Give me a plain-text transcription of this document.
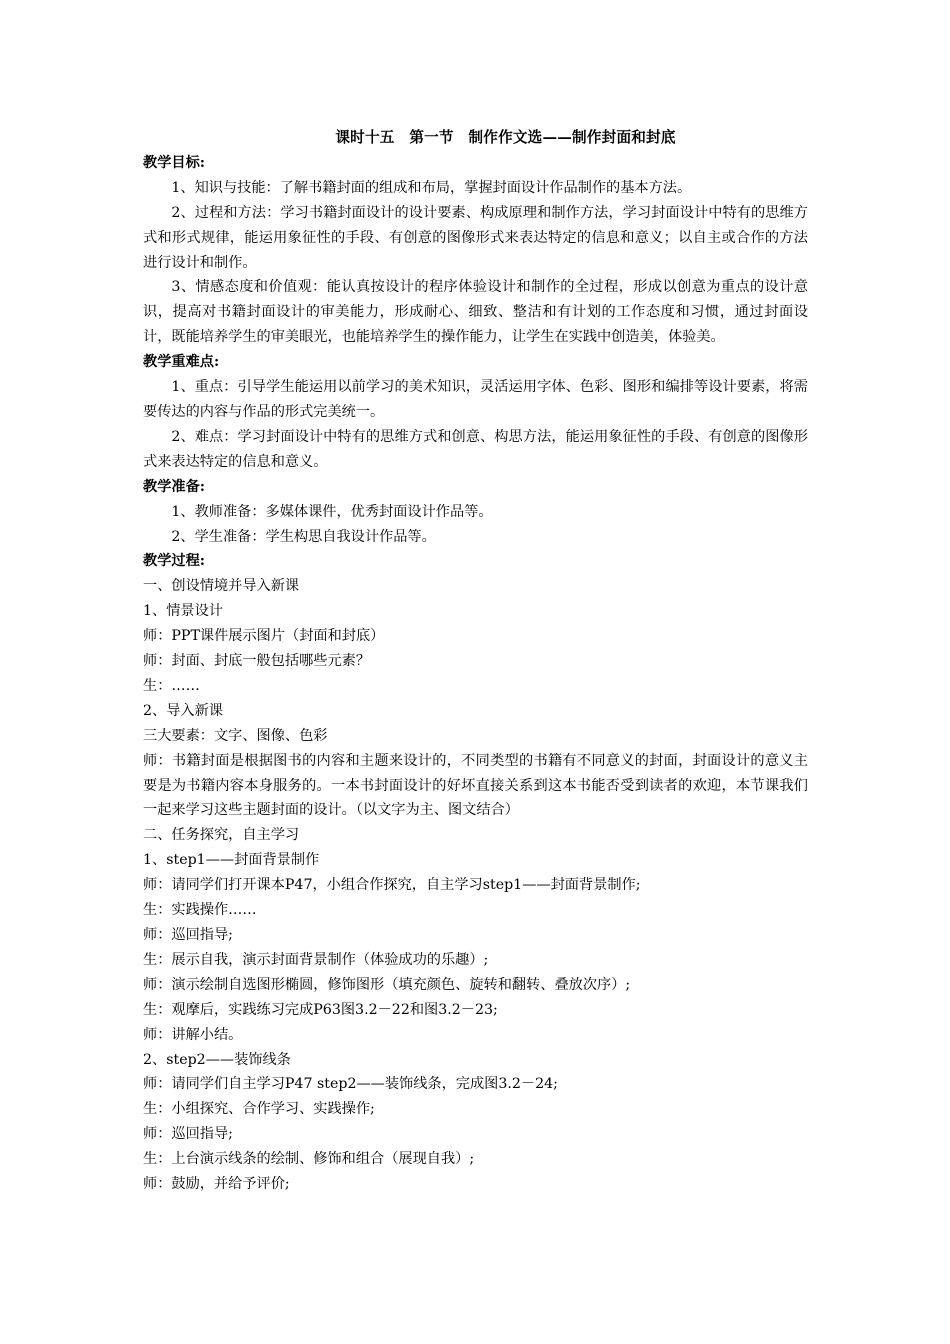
课时十五　第一节　制作作文选——制作封面和封底
教学目标:
1、知识与技能：了解书籍封面的组成和布局，掌握封面设计作品制作的基本方法。
2、过程和方法：学习书籍封面设计的设计要素、构成原理和制作方法，学习封面设计中特有的思维方式和形式规律，能运用象征性的手段、有创意的图像形式来表达特定的信息和意义；以自主或合作的方法进行设计和制作。
3、情感态度和价值观：能认真按设计的程序体验设计和制作的全过程，形成以创意为重点的设计意识，提高对书籍封面设计的审美能力，形成耐心、细致、整洁和有计划的工作态度和习惯，通过封面设计，既能培养学生的审美眼光，也能培养学生的操作能力，让学生在实践中创造美，体验美。
教学重难点:
1、重点：引导学生能运用以前学习的美术知识，灵活运用字体、色彩、图形和编排等设计要素，将需要传达的内容与作品的形式完美统一。
2、难点：学习封面设计中特有的思维方式和创意、构思方法，能运用象征性的手段、有创意的图像形式来表达特定的信息和意义。
教学准备:
1、教师准备：多媒体课件，优秀封面设计作品等。
2、学生准备：学生构思自我设计作品等。
教学过程:
一、创设情境并导入新课
1、情景设计
师：PPT课件展示图片（封面和封底）
师：封面、封底一般包括哪些元素？
生：……
2、导入新课
三大要素：文字、图像、色彩
师：书籍封面是根据图书的内容和主题来设计的，不同类型的书籍有不同意义的封面，封面设计的意义主要是为书籍内容本身服务的。一本书封面设计的好坏直接关系到这本书能否受到读者的欢迎，本节课我们一起来学习这些主题封面的设计。（以文字为主、图文结合）
二、任务探究，自主学习
1、step1——封面背景制作
师：请同学们打开课本P47，小组合作探究，自主学习step1——封面背景制作;
生：实践操作……
师：巡回指导;
生：展示自我，演示封面背景制作（体验成功的乐趣）;
师：演示绘制自选图形椭圆，修饰图形（填充颜色、旋转和翻转、叠放次序）;
生：观摩后，实践练习完成P63图3.2－22和图3.2－23;
师：讲解小结。
2、step2——装饰线条
师：请同学们自主学习P47 step2——装饰线条，完成图3.2－24;
生：小组探究、合作学习、实践操作;
师：巡回指导;
生：上台演示线条的绘制、修饰和组合（展现自我）;
师：鼓励，并给予评价;
